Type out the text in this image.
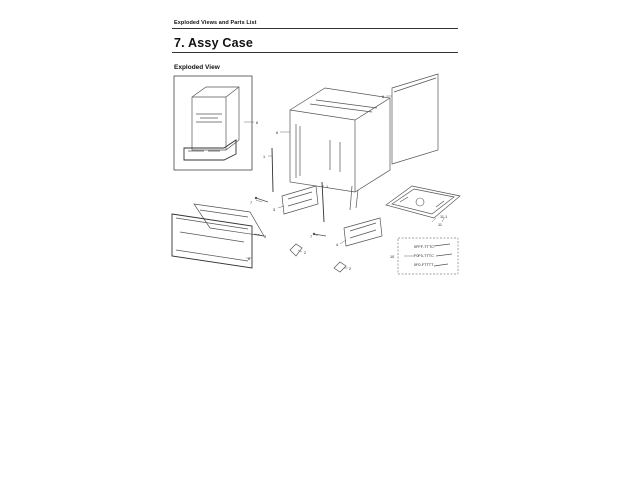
Exploded Views and Parts List
7. Assy Case
Exploded View
0FFF-TTTC
F0F0-TTTC
0F0-FTTTT
6
1
6
6
7
3
1
7
4
2
2
5
8	10
11
11-1
